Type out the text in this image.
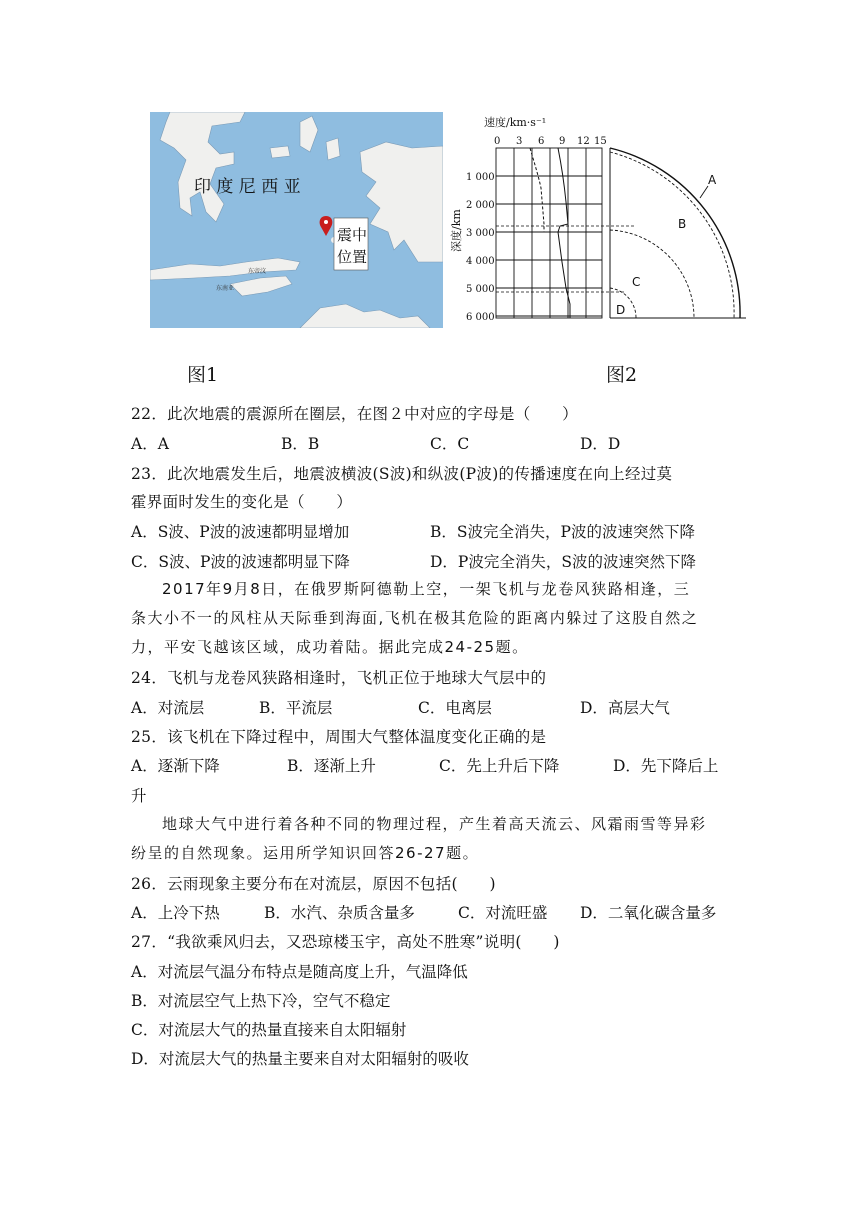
印 度 尼 西 亚
震中
位置
东帝汶
东南亚
速度/km·s⁻¹
0 3 6 9 12 15
1 000
2 000
3 000
4 000
5 000
6 000
深度/km
A
B
C
D
图1	图2
22．此次地震的震源所在圈层，在图２中对应的字母是（　　）
A．A	B．B	C．C	D．D
23．此次地震发生后，地震波横波(S波)和纵波(P波)的传播速度在向上经过莫
霍界面时发生的变化是（　　）
A．S波、P波的波速都明显增加	B．S波完全消失，P波的波速突然下降
C．S波、P波的波速都明显下降	D．P波完全消失，S波的波速突然下降
2017年9月8日，在俄罗斯阿德勒上空，一架飞机与龙卷风狭路相逢，三
条大小不一的风柱从天际垂到海面,飞机在极其危险的距离内躲过了这股自然之
力，平安飞越该区域，成功着陆。据此完成24-25题。
24．飞机与龙卷风狭路相逢时，飞机正位于地球大气层中的
A．对流层	B．平流层	C．电离层	D．高层大气
25．该飞机在下降过程中，周围大气整体温度变化正确的是
A．逐渐下降	B．逐渐上升	C．先上升后下降	D．先下降后上
升
地球大气中进行着各种不同的物理过程，产生着高天流云、风霜雨雪等异彩
纷呈的自然现象。运用所学知识回答26-27题。
26．云雨现象主要分布在对流层，原因不包括(　　)
A．上冷下热	B．水汽、杂质含量多	C．对流旺盛 D．二氧化碳含量多
27．“我欲乘风归去，又恐琼楼玉宇，高处不胜寒”说明(　　)
A．对流层气温分布特点是随高度上升，气温降低
B．对流层空气上热下冷，空气不稳定
C．对流层大气的热量直接来自太阳辐射
D．对流层大气的热量主要来自对太阳辐射的吸收
